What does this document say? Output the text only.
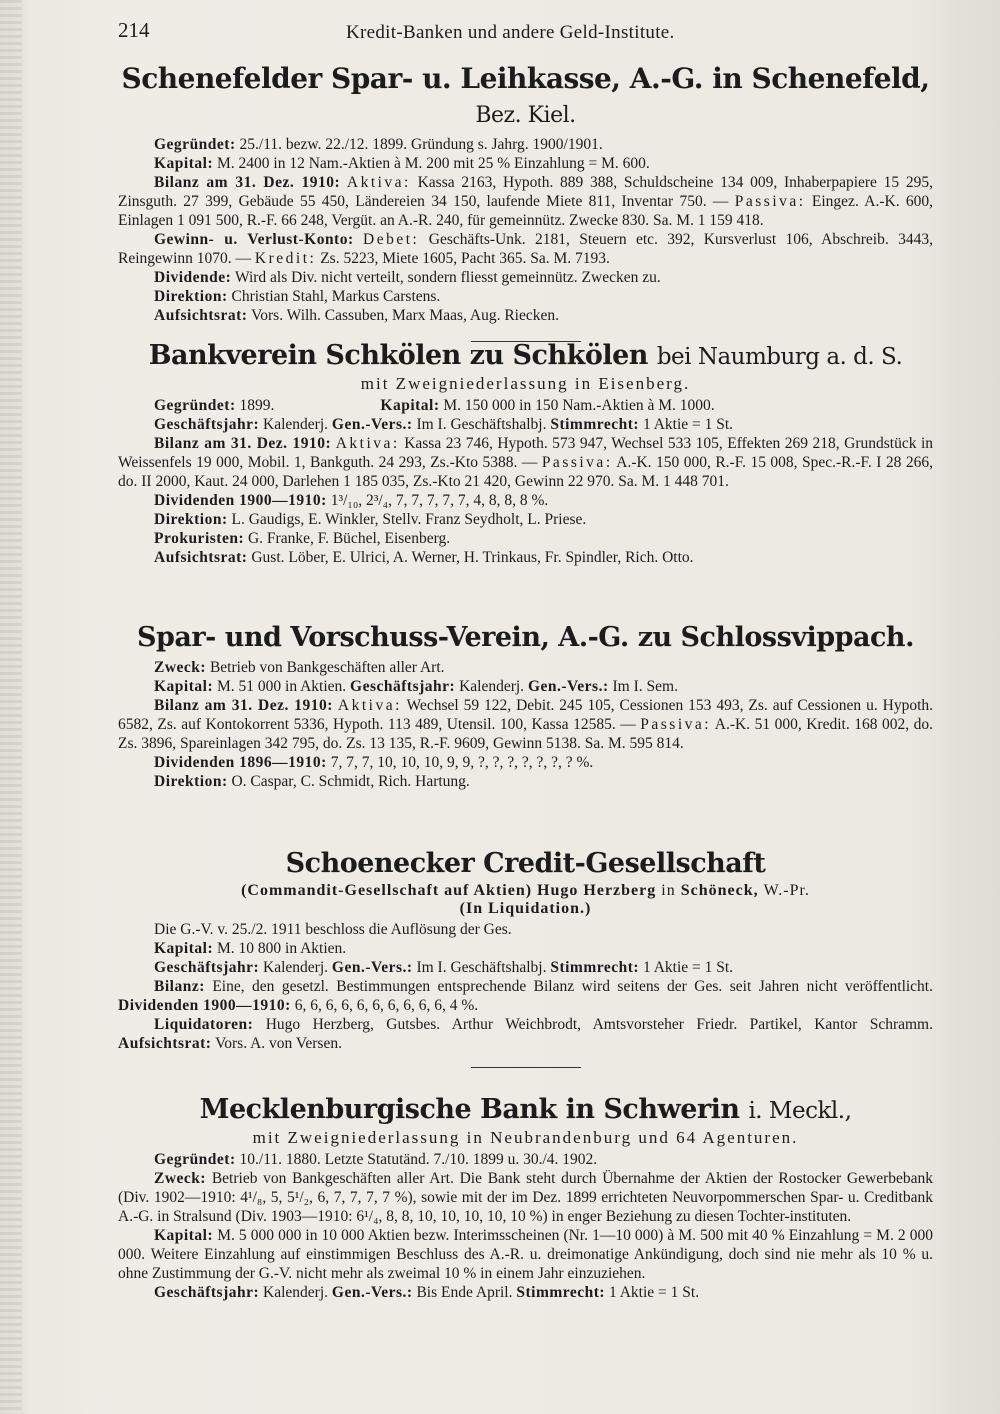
214	Kredit-Banken und andere Geld-Institute.
Schenefelder Spar- u. Leihkasse, A.-G. in Schenefeld, Bez. Kiel.

Gegründet: 25./11. bezw. 22./12. 1899. Gründung s. Jahrg. 1900/1901.

Kapital: M. 2400 in 12 Nam.-Aktien à M. 200 mit 25 % Einzahlung = M. 600.

Bilanz am 31. Dez. 1910: Aktiva: Kassa 2163, Hypoth. 889 388, Schuldscheine 134 009, Inhaberpapiere 15 295, Zinsguth. 27 399, Gebäude 55 450, Ländereien 34 150, laufende Miete 811, Inventar 750. — Passiva: Eingez. A.-K. 600, Einlagen 1 091 500, R.-F. 66 248, Vergüt. an A.-R. 240, für gemeinnütz. Zwecke 830. Sa. M. 1 159 418.

Gewinn- u. Verlust-Konto: Debet: Geschäfts-Unk. 2181, Steuern etc. 392, Kursverlust 106, Abschreib. 3443, Reingewinn 1070. — Kredit: Zs. 5223, Miete 1605, Pacht 365. Sa. M. 7193.

Dividende: Wird als Div. nicht verteilt, sondern fliesst gemeinnütz. Zwecken zu.

Direktion: Christian Stahl, Markus Carstens.

Aufsichtsrat: Vors. Wilh. Cassuben, Marx Maas, Aug. Riecken.

Bankverein Schkölen zu Schkölen bei Naumburg a. d. S.
mit Zweigniederlassung in Eisenberg.

Gegründet: 1899.	Kapital: M. 150 000 in 150 Nam.-Aktien à M. 1000.

Geschäftsjahr: Kalenderj. Gen.-Vers.: Im I. Geschäftshalbj. Stimmrecht: 1 Aktie = 1 St.

Bilanz am 31. Dez. 1910: Aktiva: Kassa 23 746, Hypoth. 573 947, Wechsel 533 105, Effekten 269 218, Grundstück in Weissenfels 19 000, Mobil. 1, Bankguth. 24 293, Zs.-Kto 5388. — Passiva: A.-K. 150 000, R.-F. 15 008, Spec.-R.-F. I 28 266, do. II 2000, Kaut. 24 000, Darlehen 1 185 035, Zs.-Kto 21 420, Gewinn 22 970. Sa. M. 1 448 701.

Dividenden 1900—1910: 1³/₁₀, 2³/₄, 7, 7, 7, 7, 7, 4, 8, 8, 8 %.

Direktion: L. Gaudigs, E. Winkler, Stellv. Franz Seydholt, L. Priese.

Prokuristen: G. Franke, F. Büchel, Eisenberg.

Aufsichtsrat: Gust. Löber, E. Ulrici, A. Werner, H. Trinkaus, Fr. Spindler, Rich. Otto.

Spar- und Vorschuss-Verein, A.-G. zu Schlossvippach.

Zweck: Betrieb von Bankgeschäften aller Art.

Kapital: M. 51 000 in Aktien. Geschäftsjahr: Kalenderj. Gen.-Vers.: Im I. Sem.

Bilanz am 31. Dez. 1910: Aktiva: Wechsel 59 122, Debit. 245 105, Cessionen 153 493, Zs. auf Cessionen u. Hypoth. 6582, Zs. auf Kontokorrent 5336, Hypoth. 113 489, Utensil. 100, Kassa 12585. — Passiva: A.-K. 51 000, Kredit. 168 002, do. Zs. 3896, Spareinlagen 342 795, do. Zs. 13 135, R.-F. 9609, Gewinn 5138. Sa. M. 595 814.

Dividenden 1896—1910: 7, 7, 7, 10, 10, 10, 9, 9, ?, ?, ?, ?, ?, ?, ? %.

Direktion: O. Caspar, C. Schmidt, Rich. Hartung.

Schoenecker Credit-Gesellschaft
(Commandit-Gesellschaft auf Aktien) Hugo Herzberg in Schöneck, W.-Pr.
(In Liquidation.)

Die G.-V. v. 25./2. 1911 beschloss die Auflösung der Ges.

Kapital: M. 10 800 in Aktien.

Geschäftsjahr: Kalenderj. Gen.-Vers.: Im I. Geschäftshalbj. Stimmrecht: 1 Aktie = 1 St.

Bilanz: Eine, den gesetzl. Bestimmungen entsprechende Bilanz wird seitens der Ges. seit Jahren nicht veröffentlicht. Dividenden 1900—1910: 6, 6, 6, 6, 6, 6, 6, 6, 6, 6, 4 %.

Liquidatoren: Hugo Herzberg, Gutsbes. Arthur Weichbrodt, Amtsvorsteher Friedr. Partikel, Kantor Schramm. Aufsichtsrat: Vors. A. von Versen.

Mecklenburgische Bank in Schwerin i. Meckl.,
mit Zweigniederlassung in Neubrandenburg und 64 Agenturen.

Gegründet: 10./11. 1880. Letzte Statutänd. 7./10. 1899 u. 30./4. 1902.

Zweck: Betrieb von Bankgeschäften aller Art. Die Bank steht durch Übernahme der Aktien der Rostocker Gewerbebank (Div. 1902—1910: 4¹/₈, 5, 5¹/₂, 6, 7, 7, 7, 7 %), sowie mit der im Dez. 1899 errichteten Neuvorpommerschen Spar- u. Creditbank A.-G. in Stralsund (Div. 1903—1910: 6¹/₄, 8, 8, 10, 10, 10, 10, 10 %) in enger Beziehung zu diesen Tochter-instituten.

Kapital: M. 5 000 000 in 10 000 Aktien bezw. Interimsscheinen (Nr. 1—10 000) à M. 500 mit 40 % Einzahlung = M. 2 000 000. Weitere Einzahlung auf einstimmigen Beschluss des A.-R. u. dreimonatige Ankündigung, doch sind nie mehr als 10 % u. ohne Zustimmung der G.-V. nicht mehr als zweimal 10 % in einem Jahr einzuziehen.

Geschäftsjahr: Kalenderj. Gen.-Vers.: Bis Ende April. Stimmrecht: 1 Aktie = 1 St.
